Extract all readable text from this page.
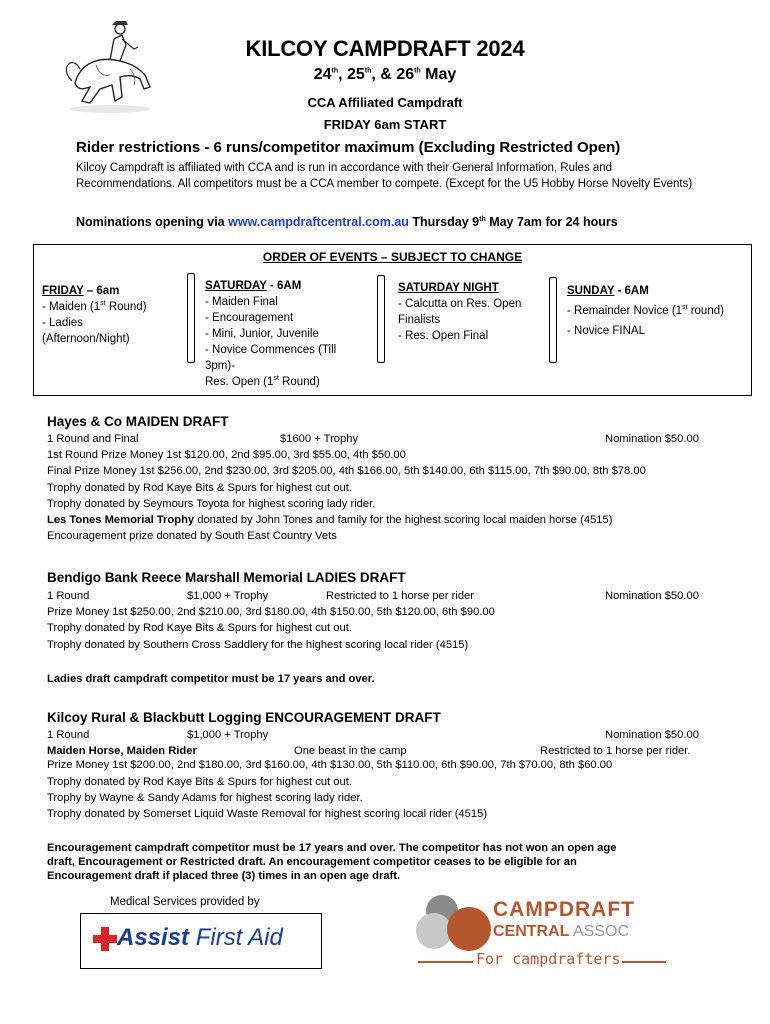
KILCOY CAMPDRAFT 2024
24th, 25th, & 26th May
CCA Affiliated Campdraft
FRIDAY 6am START
Rider restrictions - 6 runs/competitor maximum (Excluding Restricted Open)
Kilcoy Campdraft is affiliated with CCA and is run in accordance with their General Information, Rules and Recommendations. All competitors must be a CCA member to compete. (Except for the U5 Hobby Horse Novelty Events)
Nominations opening via www.campdraftcentral.com.au Thursday 9th May 7am for 24 hours
ORDER OF EVENTS – SUBJECT TO CHANGE
FRIDAY – 6am
- Maiden (1st Round)
- Ladies
(Afternoon/Night)
SATURDAY - 6AM
- Maiden Final
- Encouragement
- Mini, Junior, Juvenile
- Novice Commences (Till
3pm)-
Res. Open (1st Round)
SATURDAY NIGHT
- Calcutta on Res. Open
Finalists
- Res. Open Final
SUNDAY - 6AM
- Remainder Novice (1st round)
- Novice FINAL
Hayes & Co MAIDEN DRAFT
1 Round and Final	$1600 + Trophy	Nomination $50.00
1st Round Prize Money 1st $120.00, 2nd $95.00, 3rd $55.00, 4th $50.00
Final Prize Money 1st $256.00, 2nd $230.00, 3rd $205.00, 4th $166.00, 5th $140.00, 6th $115.00, 7th $90.00, 8th $78.00
Trophy donated by Rod Kaye Bits & Spurs for highest cut out.
Trophy donated by Seymours Toyota for highest scoring lady rider.
Les Tones Memorial Trophy donated by John Tones and family for the highest scoring local maiden horse (4515)
Encouragement prize donated by South East Country Vets
Bendigo Bank Reece Marshall Memorial LADIES DRAFT
1 Round	$1,000 + Trophy	Restricted to 1 horse per rider	Nomination $50.00
Prize Money 1st $250.00, 2nd $210.00, 3rd $180.00, 4th $150.00, 5th $120.00, 6th $90.00
Trophy donated by Rod Kaye Bits & Spurs for highest cut out.
Trophy donated by Southern Cross Saddlery for the highest scoring local rider (4515)
Ladies draft campdraft competitor must be 17 years and over.
Kilcoy Rural & Blackbutt Logging ENCOURAGEMENT DRAFT
1 Round	$1,000 + Trophy	Nomination $50.00
Maiden Horse, Maiden Rider	One beast in the camp	Restricted to 1 horse per rider.
Prize Money 1st $200.00, 2nd $180.00, 3rd $160.00, 4th $130.00, 5th $110.00, 6th $90.00, 7th $70.00, 8th $60.00
Trophy donated by Rod Kaye Bits & Spurs for highest cut out.
Trophy by Wayne & Sandy Adams for highest scoring lady rider.
Trophy donated by Somerset Liquid Waste Removal for highest scoring local rider (4515)
Encouragement campdraft competitor must be 17 years and over. The competitor has not won an open age
draft, Encouragement or Restricted draft. An encouragement competitor ceases to be eligible for an
Encouragement draft if placed three (3) times in an open age draft.
Medical Services provided by
Assist First Aid
CAMPDRAFT
CENTRAL ASSOC
For campdrafters
